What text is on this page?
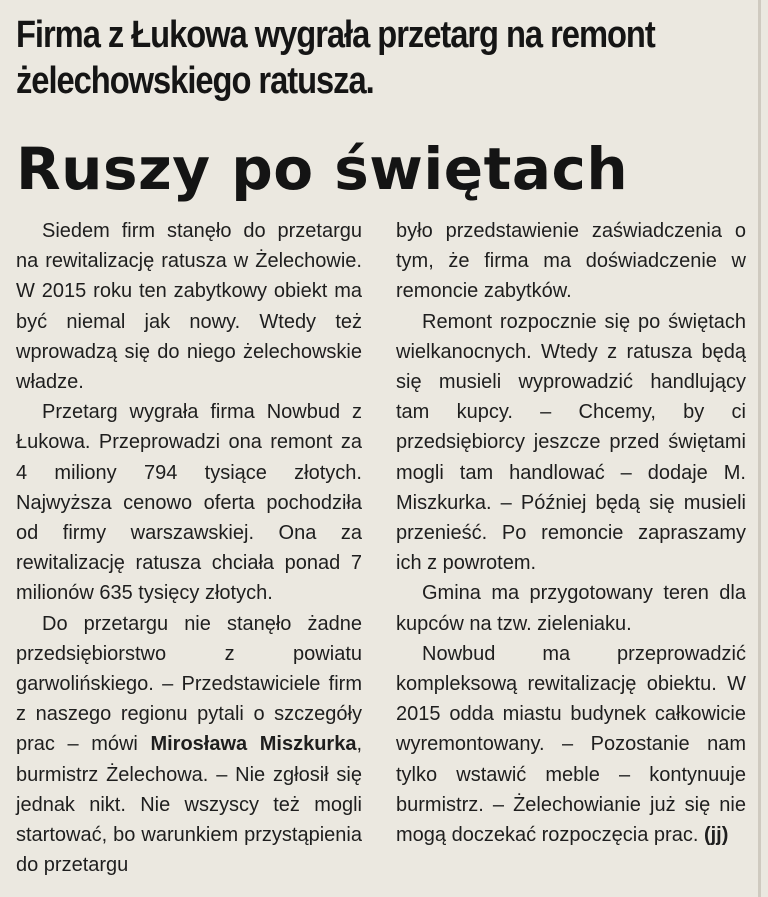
​
Firma z Łukowa wygrała przetarg na remont
żelechowskiego ratusza.
Ruszy po świętach

Siedem firm stanęło do przetargu na rewitalizację ratusza w Żelechowie. W 2015 roku ten zabytkowy obiekt ma być niemal jak nowy. Wtedy też wprowadzą się do niego żelechowskie władze.

Przetarg wygrała firma Nowbud z Łukowa. Przeprowadzi ona remont za 4 miliony 794 tysiące złotych. Najwyższa cenowo oferta pochodziła od firmy warszawskiej. Ona za rewitalizację ratusza chciała ponad 7 milionów 635 tysięcy złotych.

Do przetargu nie stanęło żadne przedsiębiorstwo z powiatu garwolińskiego. – Przedstawiciele firm z naszego regionu pytali o szczegóły prac – mówi Mirosława Miszkurka, burmistrz Żelechowa. – Nie zgłosił się jednak nikt. Nie wszyscy też mogli startować, bo warunkiem przystąpienia do przetargu

było przedstawienie zaświadczenia o tym, że firma ma doświadczenie w remoncie zabytków.

Remont rozpocznie się po świętach wielkanocnych. Wtedy z ratusza będą się musieli wyprowadzić handlujący tam kupcy. – Chcemy, by ci przedsiębiorcy jeszcze przed świętami mogli tam handlować – dodaje M. Miszkurka. – Później będą się musieli przenieść. Po remoncie zapraszamy ich z powrotem.

Gmina ma przygotowany teren dla kupców na tzw. zieleniaku.

Nowbud ma przeprowadzić kompleksową rewitalizację obiektu. W 2015 odda miastu budynek całkowicie wyremontowany. – Pozostanie nam tylko wstawić meble – kontynuuje burmistrz. – Żelechowianie już się nie mogą doczekać rozpoczęcia prac. (jj)
